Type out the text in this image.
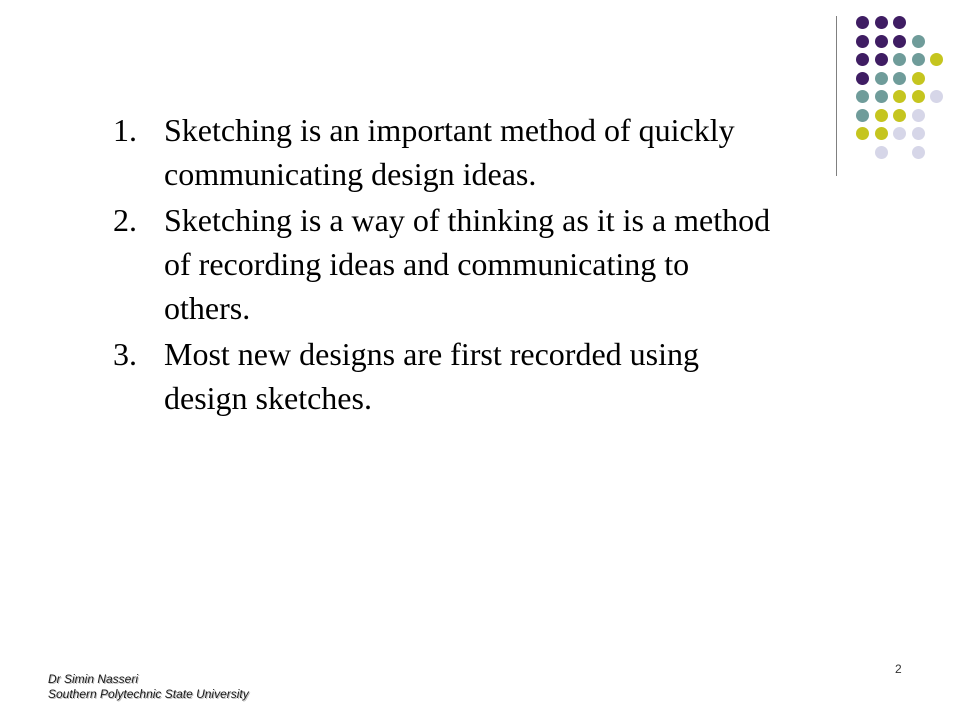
1. Sketching is an important method of quickly communicating design ideas.
2. Sketching is a way of thinking as it is a method of recording ideas and communicating to others.
3. Most new designs are first recorded using design sketches.
Dr Simin Nasseri
Southern Polytechnic State University
2
